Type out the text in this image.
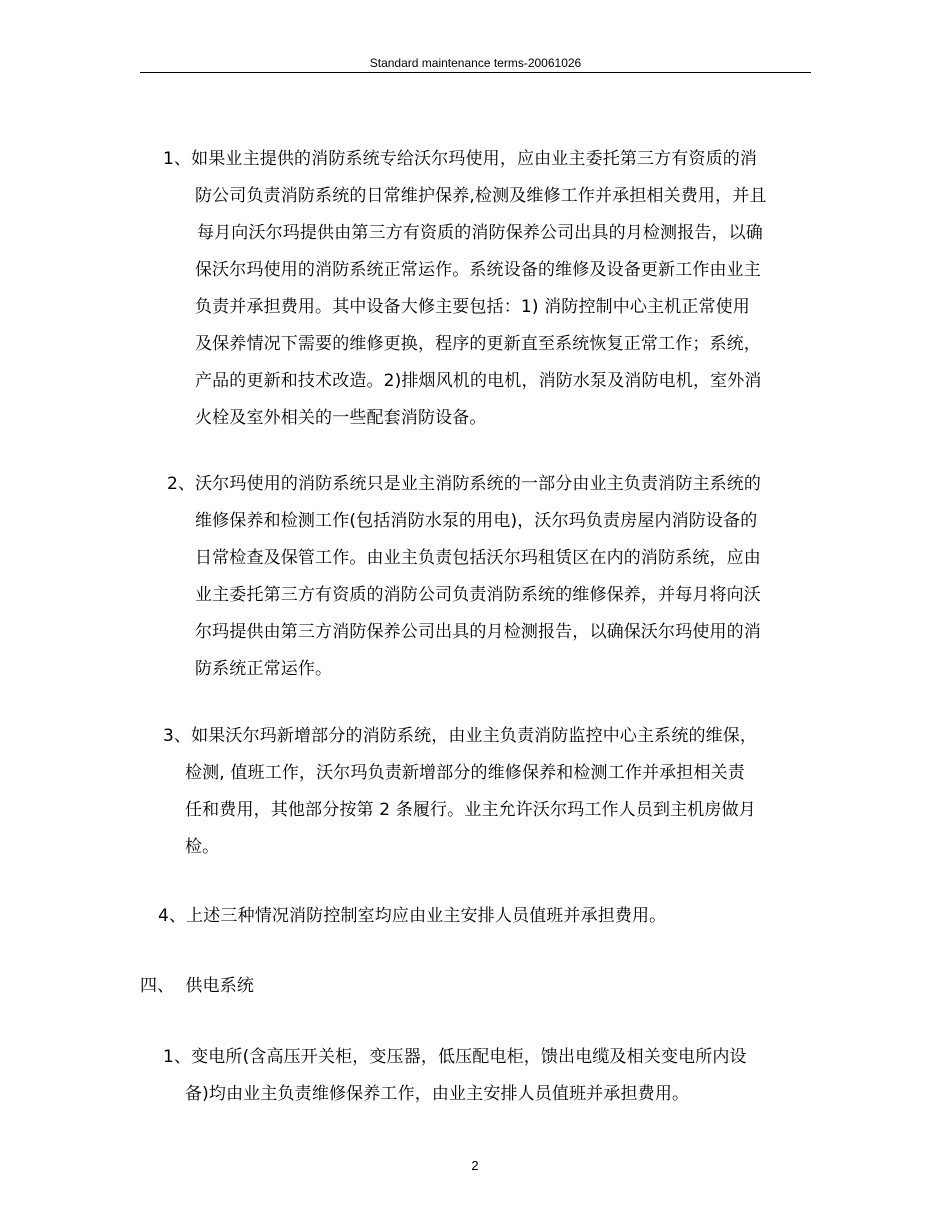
Standard maintenance terms-20061026
1、如果业主提供的消防系统专给沃尔玛使用，应由业主委托第三方有资质的消
防公司负责消防系统的日常维护保养,检测及维修工作并承担相关费用，并且
每月向沃尔玛提供由第三方有资质的消防保养公司出具的月检测报告，以确
保沃尔玛使用的消防系统正常运作。系统设备的维修及设备更新工作由业主
负责并承担费用。其中设备大修主要包括：1) 消防控制中心主机正常使用
及保养情况下需要的维修更换，程序的更新直至系统恢复正常工作；系统，
产品的更新和技术改造。2)排烟风机的电机，消防水泵及消防电机，室外消
火栓及室外相关的一些配套消防设备。
2、沃尔玛使用的消防系统只是业主消防系统的一部分由业主负责消防主系统的
维修保养和检测工作(包括消防水泵的用电)，沃尔玛负责房屋内消防设备的
日常检查及保管工作。由业主负责包括沃尔玛租赁区在内的消防系统，应由
业主委托第三方有资质的消防公司负责消防系统的维修保养，并每月将向沃
尔玛提供由第三方消防保养公司出具的月检测报告，以确保沃尔玛使用的消
防系统正常运作。
3、如果沃尔玛新增部分的消防系统，由业主负责消防监控中心主系统的维保，
检测, 值班工作，沃尔玛负责新增部分的维修保养和检测工作并承担相关责
任和费用，其他部分按第 2 条履行。业主允许沃尔玛工作人员到主机房做月
检。
4、上述三种情况消防控制室均应由业主安排人员值班并承担费用。
四、  供电系统
1、变电所(含高压开关柜，变压器，低压配电柜，馈出电缆及相关变电所内设
备)均由业主负责维修保养工作，由业主安排人员值班并承担费用。
2
